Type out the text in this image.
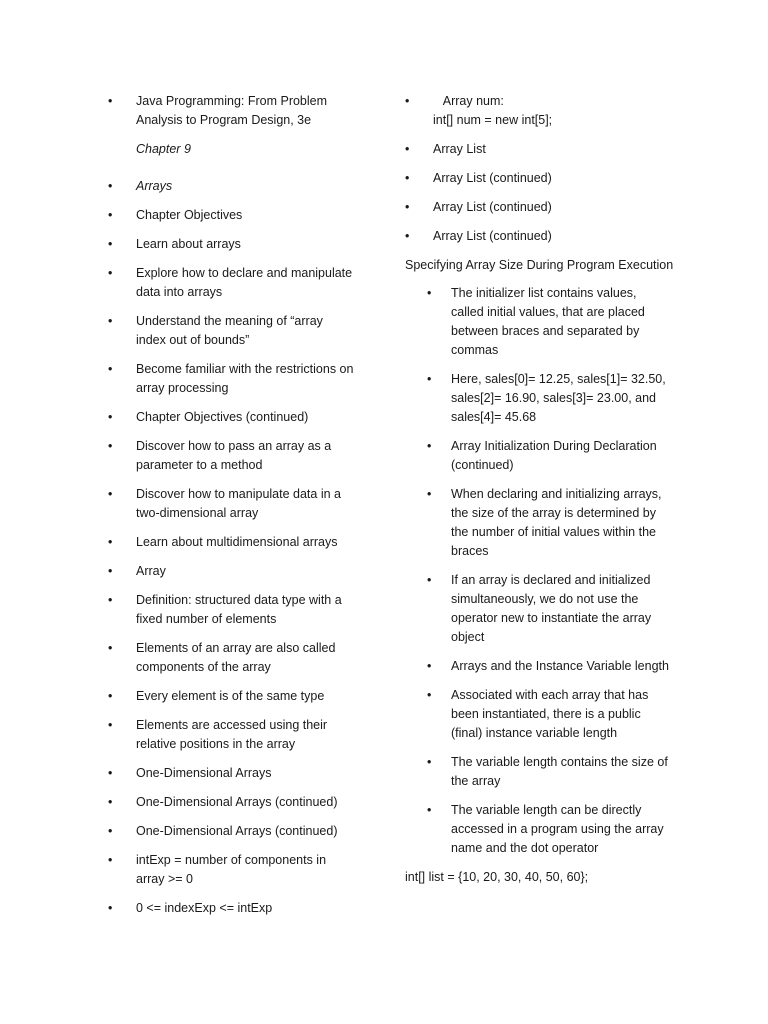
•	Java Programming: From Problem
Analysis to Program Design, 3e
Chapter 9
•	Arrays
•	Chapter Objectives
•	Learn about arrays
•	Explore how to declare and manipulate
data into arrays
•	Understand the meaning of “array
index out of bounds”
•	Become familiar with the restrictions on
array processing
•	Chapter Objectives (continued)
•	Discover how to pass an array as a
parameter to a method
•	Discover how to manipulate data in a
two-dimensional array
•	Learn about multidimensional arrays
•	Array
•	Definition: structured data type with a
fixed number of elements
•	Elements of an array are also called
components of the array
•	Every element is of the same type
•	Elements are accessed using their
relative positions in the array
•	One-Dimensional Arrays
•	One-Dimensional Arrays (continued)
•	One-Dimensional Arrays (continued)
•	intExp = number of components in
array >= 0
•	0 <= indexExp <= intExp
•	Array num:
int[] num = new int[5];
•	Array List
•	Array List (continued)
•	Array List (continued)
•	Array List (continued)
Specifying Array Size During Program Execution
•	The initializer list contains values,
called initial values, that are placed
between braces and separated by
commas
•	Here, sales[0]= 12.25, sales[1]= 32.50,
sales[2]= 16.90, sales[3]= 23.00, and
sales[4]= 45.68
•	Array Initialization During Declaration
(continued)
•	When declaring and initializing arrays,
the size of the array is determined by
the number of initial values within the
braces
•	If an array is declared and initialized
simultaneously, we do not use the
operator new to instantiate the array
object
•	Arrays and the Instance Variable length
•	Associated with each array that has
been instantiated, there is a public
(final) instance variable length
•	The variable length contains the size of
the array
•	The variable length can be directly
accessed in a program using the array
name and the dot operator
int[] list = {10, 20, 30, 40, 50, 60};
